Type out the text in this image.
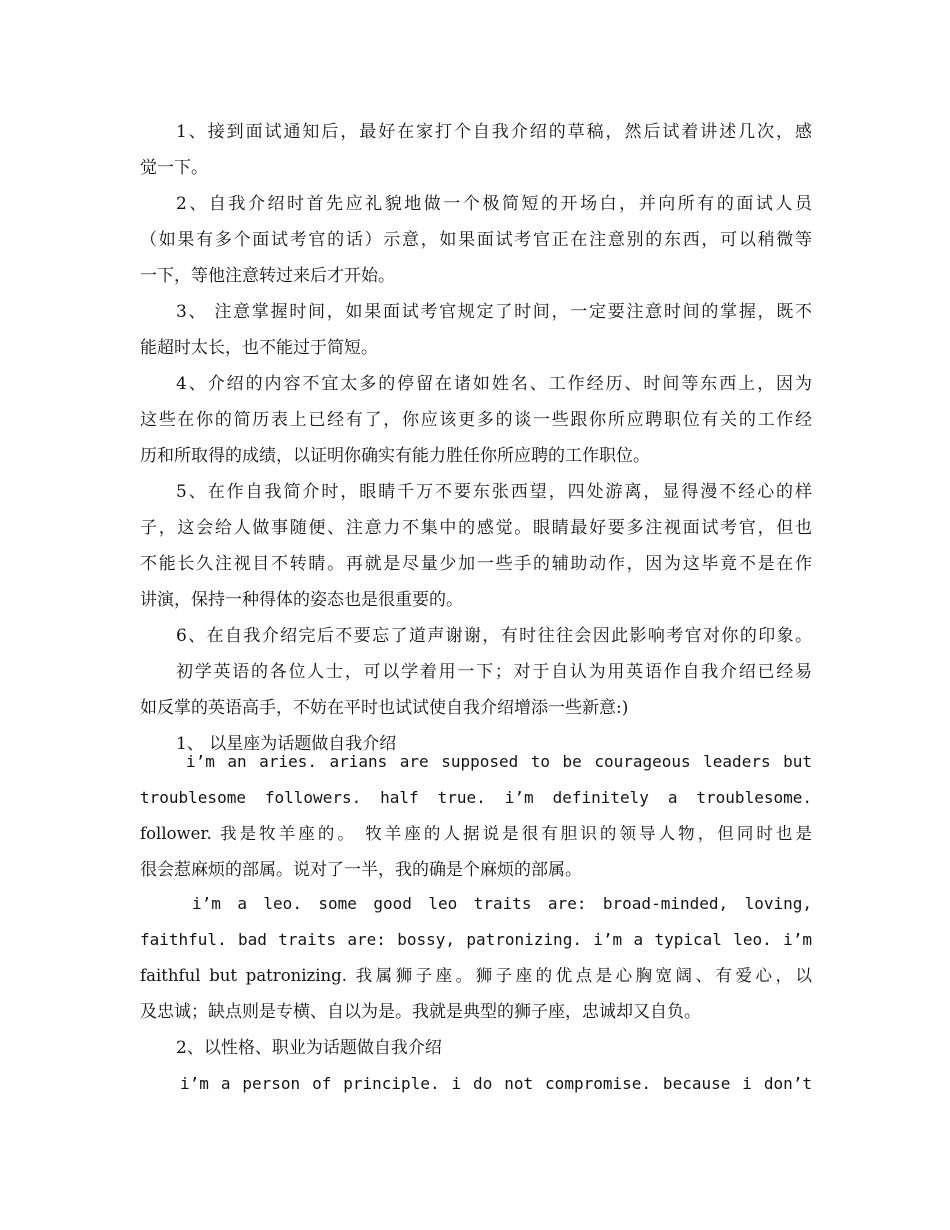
1、接到面试通知后，最好在家打个自我介绍的草稿，然后试着讲述几次，感
觉一下。
2、自我介绍时首先应礼貌地做一个极简短的开场白，并向所有的面试人员
（如果有多个面试考官的话）示意，如果面试考官正在注意别的东西，可以稍微等
一下，等他注意转过来后才开始。
3、 注意掌握时间，如果面试考官规定了时间，一定要注意时间的掌握，既不
能超时太长，也不能过于简短。
4、介绍的内容不宜太多的停留在诸如姓名、工作经历、时间等东西上，因为
这些在你的简历表上已经有了，你应该更多的谈一些跟你所应聘职位有关的工作经
历和所取得的成绩，以证明你确实有能力胜任你所应聘的工作职位。
5、在作自我简介时，眼睛千万不要东张西望，四处游离，显得漫不经心的样
子，这会给人做事随便、注意力不集中的感觉。眼睛最好要多注视面试考官，但也
不能长久注视目不转睛。再就是尽量少加一些手的辅助动作，因为这毕竟不是在作
讲演，保持一种得体的姿态也是很重要的。
6、在自我介绍完后不要忘了道声谢谢，有时往往会因此影响考官对你的印象。
初学英语的各位人士，可以学着用一下；对于自认为用英语作自我介绍已经易
如反掌的英语高手，不妨在平时也试试使自我介绍增添一些新意:)
1、 以星座为话题做自我介绍
i’m an aries. arians are supposed to be courageous leaders but
troublesome followers. half true. i’m definitely a troublesome.
follower. 我是牧羊座的。 牧羊座的人据说是很有胆识的领导人物，但同时也是
很会惹麻烦的部属。说对了一半，我的确是个麻烦的部属。
i’m a leo. some good leo traits are: broad-minded, loving,
faithful. bad traits are: bossy, patronizing. i’m a typical leo. i’m
faithful but patronizing. 我属狮子座。狮子座的优点是心胸宽阔、有爱心，以
及忠诚；缺点则是专横、自以为是。我就是典型的狮子座，忠诚却又自负。
2、以性格、职业为话题做自我介绍
i’m a person of principle. i do not compromise. because i don’t
